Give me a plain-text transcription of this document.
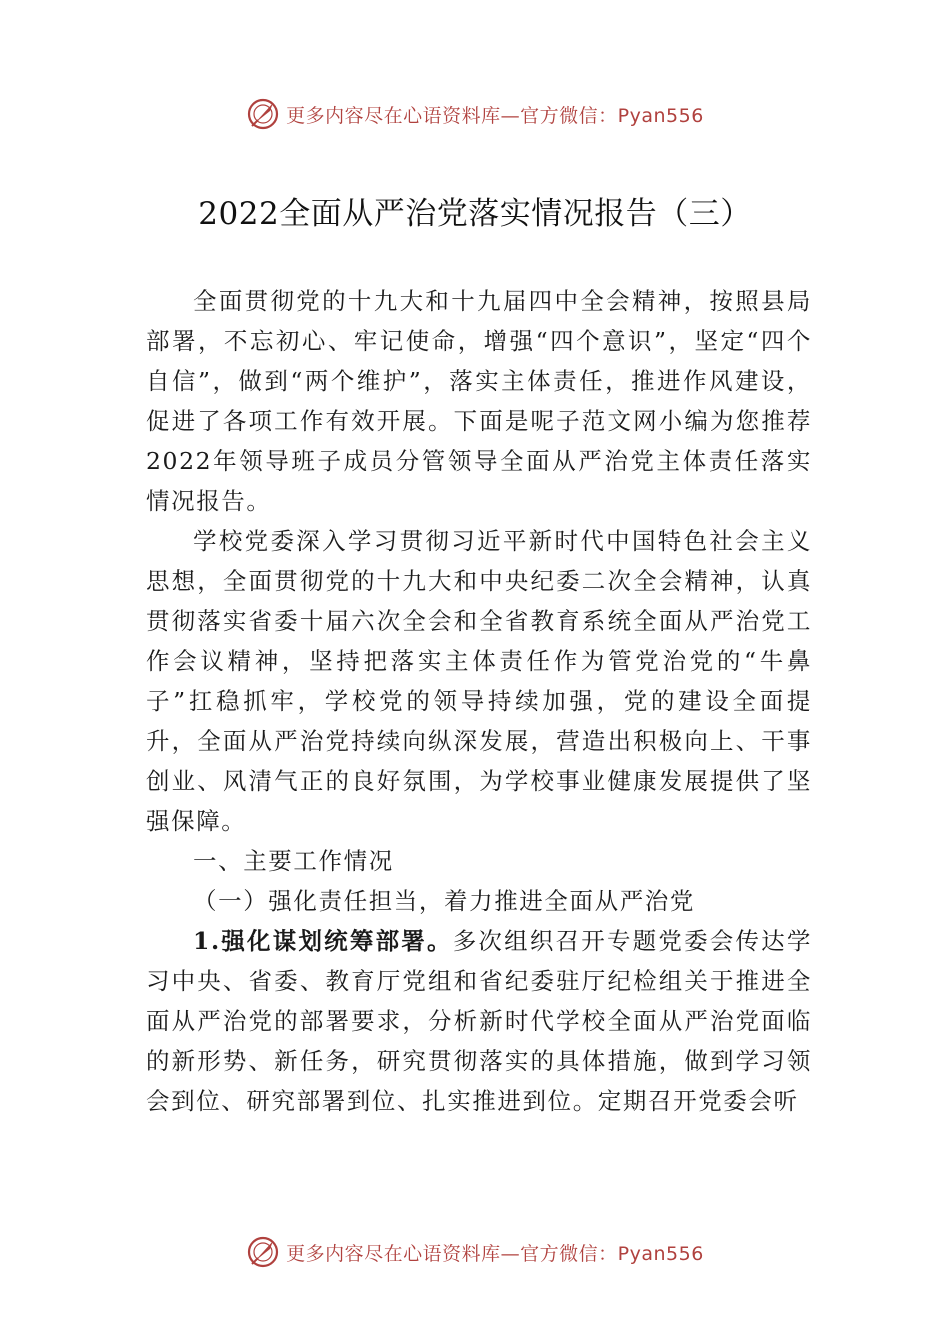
更多内容尽在心语资料库—官方微信：Pyan556
2022全面从严治党落实情况报告（三）

全面贯彻党的十九大和十九届四中全会精神，按照县局部署，不忘初心、牢记使命，增强“四个意识”，坚定“四个自信”，做到“两个维护”，落实主体责任，推进作风建设，促进了各项工作有效开展。下面是呢子范文网小编为您推荐2022年领导班子成员分管领导全面从严治党主体责任落实情况报告。

学校党委深入学习贯彻习近平新时代中国特色社会主义思想，全面贯彻党的十九大和中央纪委二次全会精神，认真贯彻落实省委十届六次全会和全省教育系统全面从严治党工作会议精神，坚持把落实主体责任作为管党治党的“牛鼻子”扛稳抓牢，学校党的领导持续加强，党的建设全面提升，全面从严治党持续向纵深发展，营造出积极向上、干事创业、风清气正的良好氛围，为学校事业健康发展提供了坚强保障。

一、主要工作情况

（一）强化责任担当，着力推进全面从严治党

1.强化谋划统筹部署。多次组织召开专题党委会传达学习中央、省委、教育厅党组和省纪委驻厅纪检组关于推进全面从严治党的部署要求，分析新时代学校全面从严治党面临的新形势、新任务，研究贯彻落实的具体措施，做到学习领会到位、研究部署到位、扎实推进到位。定期召开党委会听

更多内容尽在心语资料库—官方微信：Pyan556
